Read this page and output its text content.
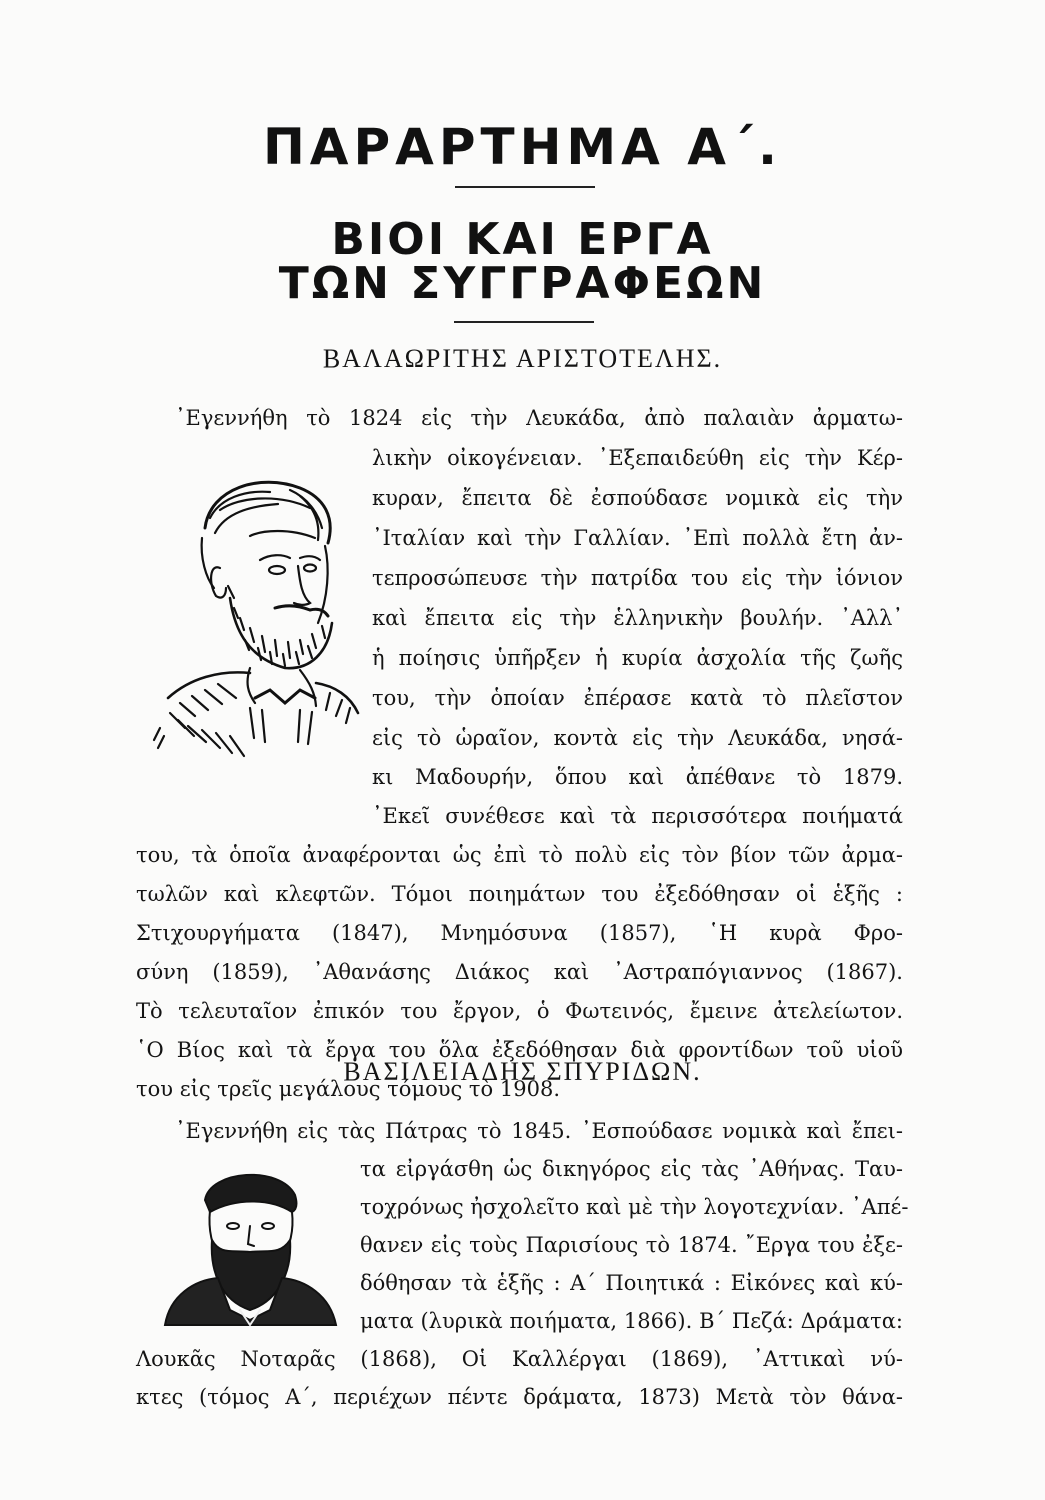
ΠΑΡΑΡΤΗΜΑ Α΄.
ΒΙΟΙ ΚΑΙ ΕΡΓΑ
ΤΩΝ ΣΥΓΓΡΑΦΕΩΝ
ΒΑΛΑΩΡΙΤΗΣ ΑΡΙΣΤΟΤΕΛΗΣ.
᾿Εγεννήθη τὸ 1824 εἰς τὴν Λευκάδα, ἀπὸ παλαιὰν ἀρματω-
λικὴν οἰκογένειαν. ᾿Εξεπαιδεύθη εἰς τὴν Κέρ-
κυραν, ἔπειτα δὲ ἐσπούδασε νομικὰ εἰς τὴν
᾿Ιταλίαν καὶ τὴν Γαλλίαν. ᾿Επὶ πολλὰ ἔτη ἀν-
τεπροσώπευσε τὴν πατρίδα του εἰς τὴν ἰόνιον
καὶ ἔπειτα εἰς τὴν ἑλληνικὴν βουλήν. ᾿Αλλ᾿
ἡ ποίησις ὑπῆρξεν ἡ κυρία ἀσχολία τῆς ζωῆς
του, τὴν ὁποίαν ἐπέρασε κατὰ τὸ πλεῖστον
εἰς τὸ ὡραῖον, κοντὰ εἰς τὴν Λευκάδα, νησά-
κι Μαδουρήν, ὅπου καὶ ἀπέθανε τὸ 1879.
᾿Εκεῖ συνέθεσε καὶ τὰ περισσότερα ποιήματά
του, τὰ ὁποῖα ἀναφέρονται ὡς ἐπὶ τὸ πολὺ εἰς τὸν βίον τῶν ἀρμα-
τωλῶν καὶ κλεφτῶν. Τόμοι ποιημάτων του ἐξεδόθησαν οἱ ἑξῆς :
Στιχουργήματα (1847), Μνημόσυνα (1857), ῾Η κυρὰ Φρο-
σύνη (1859), ᾿Αθανάσης Διάκος καὶ ᾿Αστραπόγιαννος (1867).
Τὸ τελευταῖον ἐπικόν του ἔργον, ὁ Φωτεινός, ἔμεινε ἀτελείωτον.
῾Ο Βίος καὶ τὰ ἔργα του ὅλα ἐξεδόθησαν διὰ φροντίδων τοῦ υἱοῦ
του εἰς τρεῖς μεγάλους τόμους τὸ 1908.
ΒΑΣΙΛΕΙΑΔΗΣ ΣΠΥΡΙΔΩΝ.
᾿Εγεννήθη εἰς τὰς Πάτρας τὸ 1845. ᾿Εσπούδασε νομικὰ καὶ ἔπει-
τα εἰργάσθη ὡς δικηγόρος εἰς τὰς ᾿Αθήνας. Ταυ-
τοχρόνως ἠσχολεῖτο καὶ μὲ τὴν λογοτεχνίαν. ᾿Απέ-
θανεν εἰς τοὺς Παρισίους τὸ 1874. ῎Εργα του ἐξε-
δόθησαν τὰ ἑξῆς : Α΄ Ποιητικά : Εἰκόνες καὶ κύ-
ματα (λυρικὰ ποιήματα, 1866). Β΄ Πεζά: Δράματα:
Λουκᾶς Νοταρᾶς (1868), Οἱ Καλλέργαι (1869), ᾿Αττικαὶ νύ-
κτες (τόμος Α΄, περιέχων πέντε δράματα, 1873) Μετὰ τὸν θάνα-
